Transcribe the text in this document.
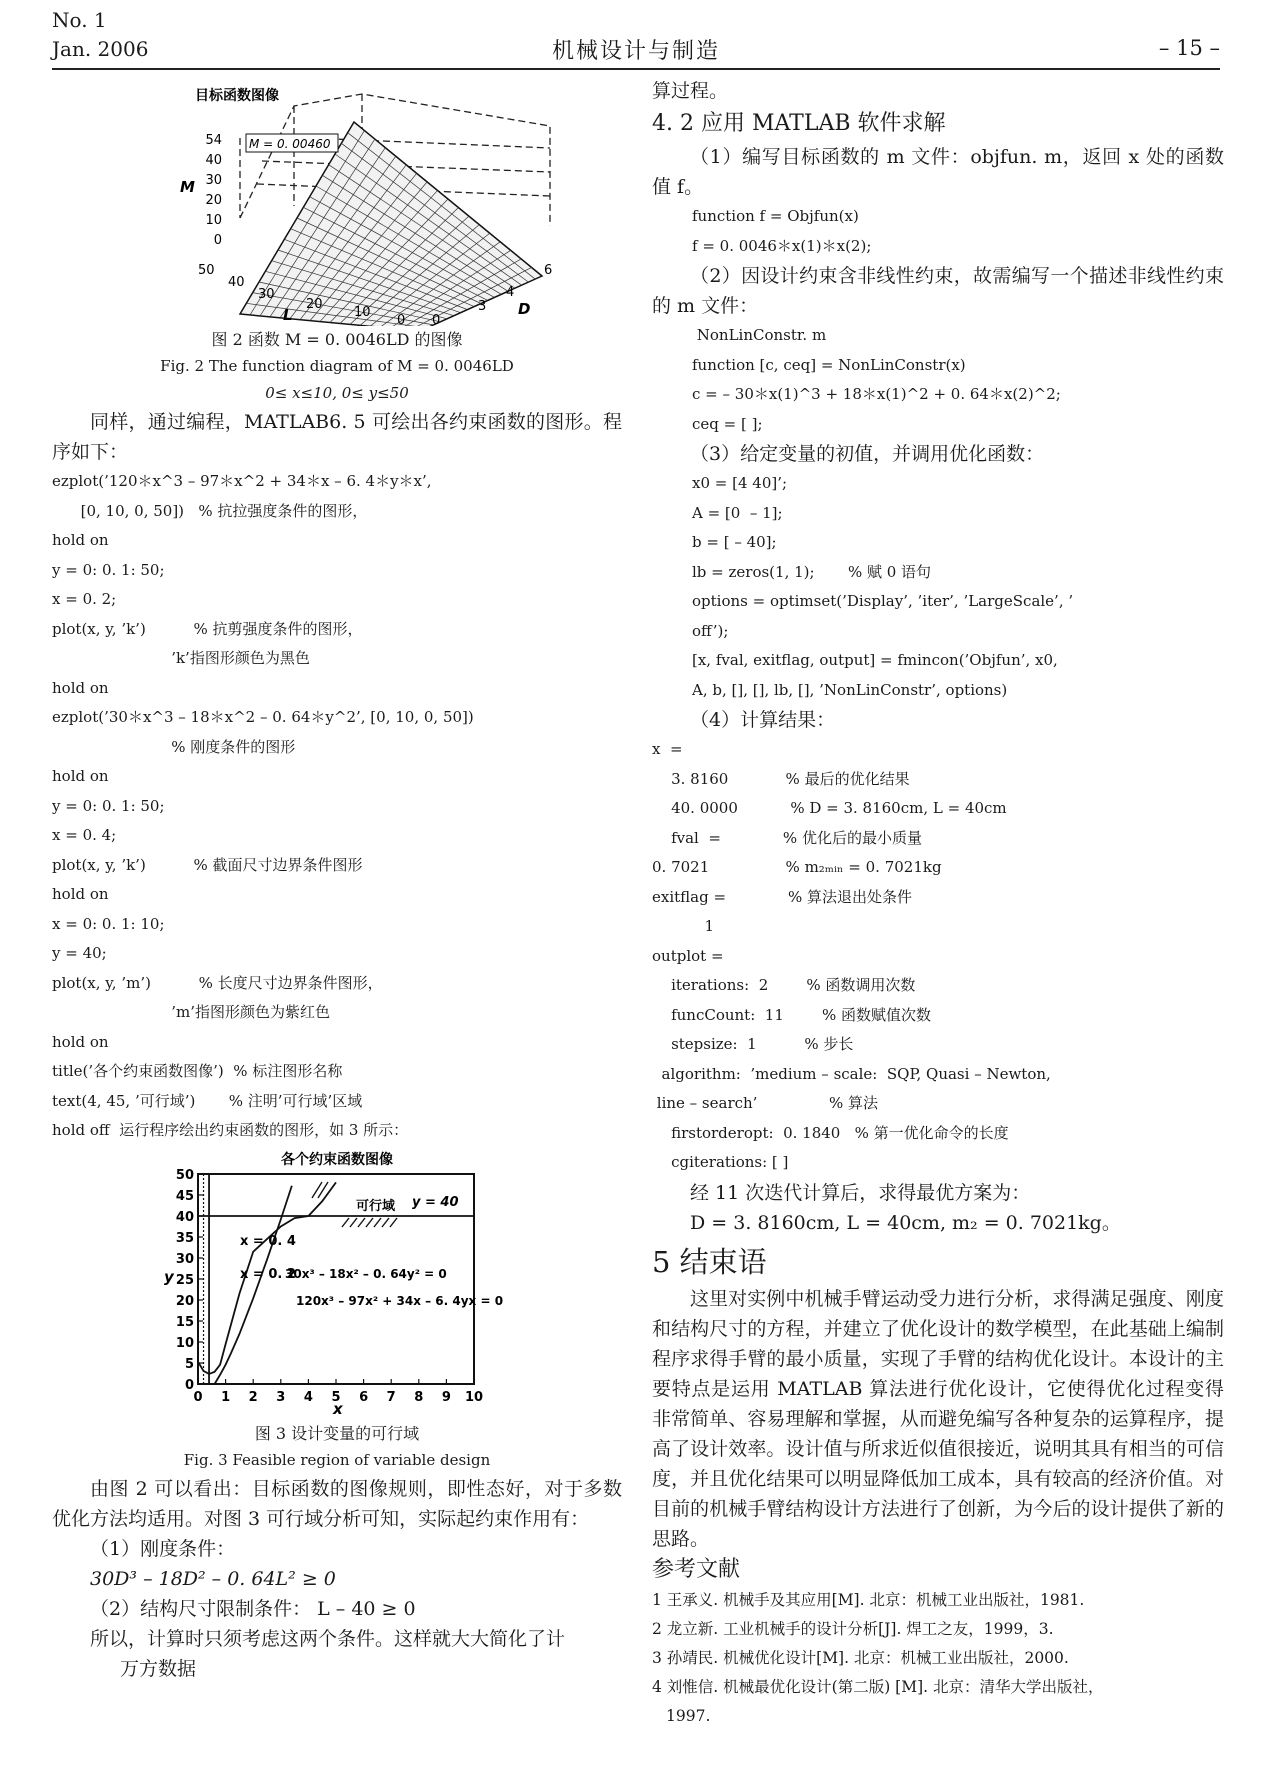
No. 1
Jan. 2006	机械设计与制造	– 15 –
目标函数图像
M = 0. 00460
54
40
30
20
10
0
M
50
40
30
20
10
0
L	0
3
4
6
D

图 2 函数 M = 0. 0046LD 的图像

Fig. 2 The function diagram of M = 0. 0046LD

0≤ x≤10, 0≤ y≤50

同样，通过编程，MATLAB6. 5 可绘出各约束函数的图形。程序如下：

ezplot(’120＊x^3 – 97＊x^2 + 34＊x – 6. 4＊y＊x’,

[0, 10, 0, 50])   % 抗拉强度条件的图形，

hold on

y = 0: 0. 1: 50;

x = 0. 2;

plot(x, y, ’k’)          % 抗剪强度条件的图形，

’k’指图形颜色为黑色

hold on

ezplot(’30＊x^3 – 18＊x^2 – 0. 64＊y^2’, [0, 10, 0, 50])

% 刚度条件的图形

hold on

y = 0: 0. 1: 50;

x = 0. 4;

plot(x, y, ’k’)          % 截面尺寸边界条件图形

hold on

x = 0: 0. 1: 10;

y = 40;

plot(x, y, ’m’)          % 长度尺寸边界条件图形，

’m’指图形颜色为紫红色

hold on

title(’各个约束函数图像’)  % 标注图形名称

text(4, 45, ’可行域’)       % 注明’可行域’区域

hold off  运行程序绘出约束函数的图形，如 3 所示：

各个约束函数图像
0 1 2 3 4 5 6 7 8 9 10
50
45
40
35
30
25
20
15
10
5
0
可行域 y = 40
x = 0. 4
x = 0. 2
30x³ – 18x² – 0. 64y² = 0
120x³ – 97x² + 34x – 6. 4yx = 0
y
x

图 3 设计变量的可行域

Fig. 3 Feasible region of variable design

由图 2 可以看出：目标函数的图像规则，即性态好，对于多数优化方法均适用。对图 3 可行域分析可知，实际起约束作用有：

（1）刚度条件：

30D³ – 18D² – 0. 64L² ≥ 0

（2）结构尺寸限制条件： L – 40 ≥ 0

所以，计算时只须考虑这两个条件。这样就大大简化了计

万方数据

算过程。

4. 2 应用 MATLAB 软件求解

（1）编写目标函数的 m 文件：objfun. m，返回 x 处的函数值 f。

function f = Objfun(x)

f = 0. 0046＊x(1)＊x(2);

（2）因设计约束含非线性约束，故需编写一个描述非线性约束的 m 文件：

NonLinConstr. m

function [c, ceq] = NonLinConstr(x)

c = – 30＊x(1)^3 + 18＊x(1)^2 + 0. 64＊x(2)^2;

ceq = [ ];

（3）给定变量的初值，并调用优化函数：

x0 = [4 40]’;

A = [0  – 1];

b = [ – 40];

lb = zeros(1, 1);       % 赋 0 语句

options = optimset(’Display’, ’iter’, ’LargeScale’, ’

off’);

[x, fval, exitflag, output] = fmincon(’Objfun’, x0,

A, b, [], [], lb, [], ’NonLinConstr’, options)

（4）计算结果：

x  =

3. 8160            % 最后的优化结果

40. 0000           % D = 3. 8160cm, L = 40cm

fval  =             % 优化后的最小质量

0. 7021                % m₂ₘᵢₙ = 0. 7021kg

exitflag =             % 算法退出处条件

1

outplot =

iterations:  2        % 函数调用次数

funcCount:  11        % 函数赋值次数

stepsize:  1          % 步长

algorithm:  ’medium – scale:  SQP, Quasi – Newton,

line – search’               % 算法

firstorderopt:  0. 1840   % 第一优化命令的长度

cgiterations: [ ]

经 11 次迭代计算后，求得最优方案为：

D = 3. 8160cm, L = 40cm, m₂ = 0. 7021kg。

5 结束语

这里对实例中机械手臂运动受力进行分析，求得满足强度、刚度和结构尺寸的方程，并建立了优化设计的数学模型，在此基础上编制程序求得手臂的最小质量，实现了手臂的结构优化设计。本设计的主要特点是运用 MATLAB 算法进行优化设计，它使得优化过程变得非常简单、容易理解和掌握，从而避免编写各种复杂的运算程序，提高了设计效率。设计值与所求近似值很接近，说明其具有相当的可信度，并且优化结果可以明显降低加工成本，具有较高的经济价值。对目前的机械手臂结构设计方法进行了创新，为今后的设计提供了新的思路。

参考文献

1 王承义. 机械手及其应用[M]. 北京：机械工业出版社，1981.

2 龙立新. 工业机械手的设计分析[J]. 焊工之友，1999，3.

3 孙靖民. 机械优化设计[M]. 北京：机械工业出版社，2000.

4 刘惟信. 机械最优化设计(第二版) [M]. 北京：清华大学出版社，

1997.
